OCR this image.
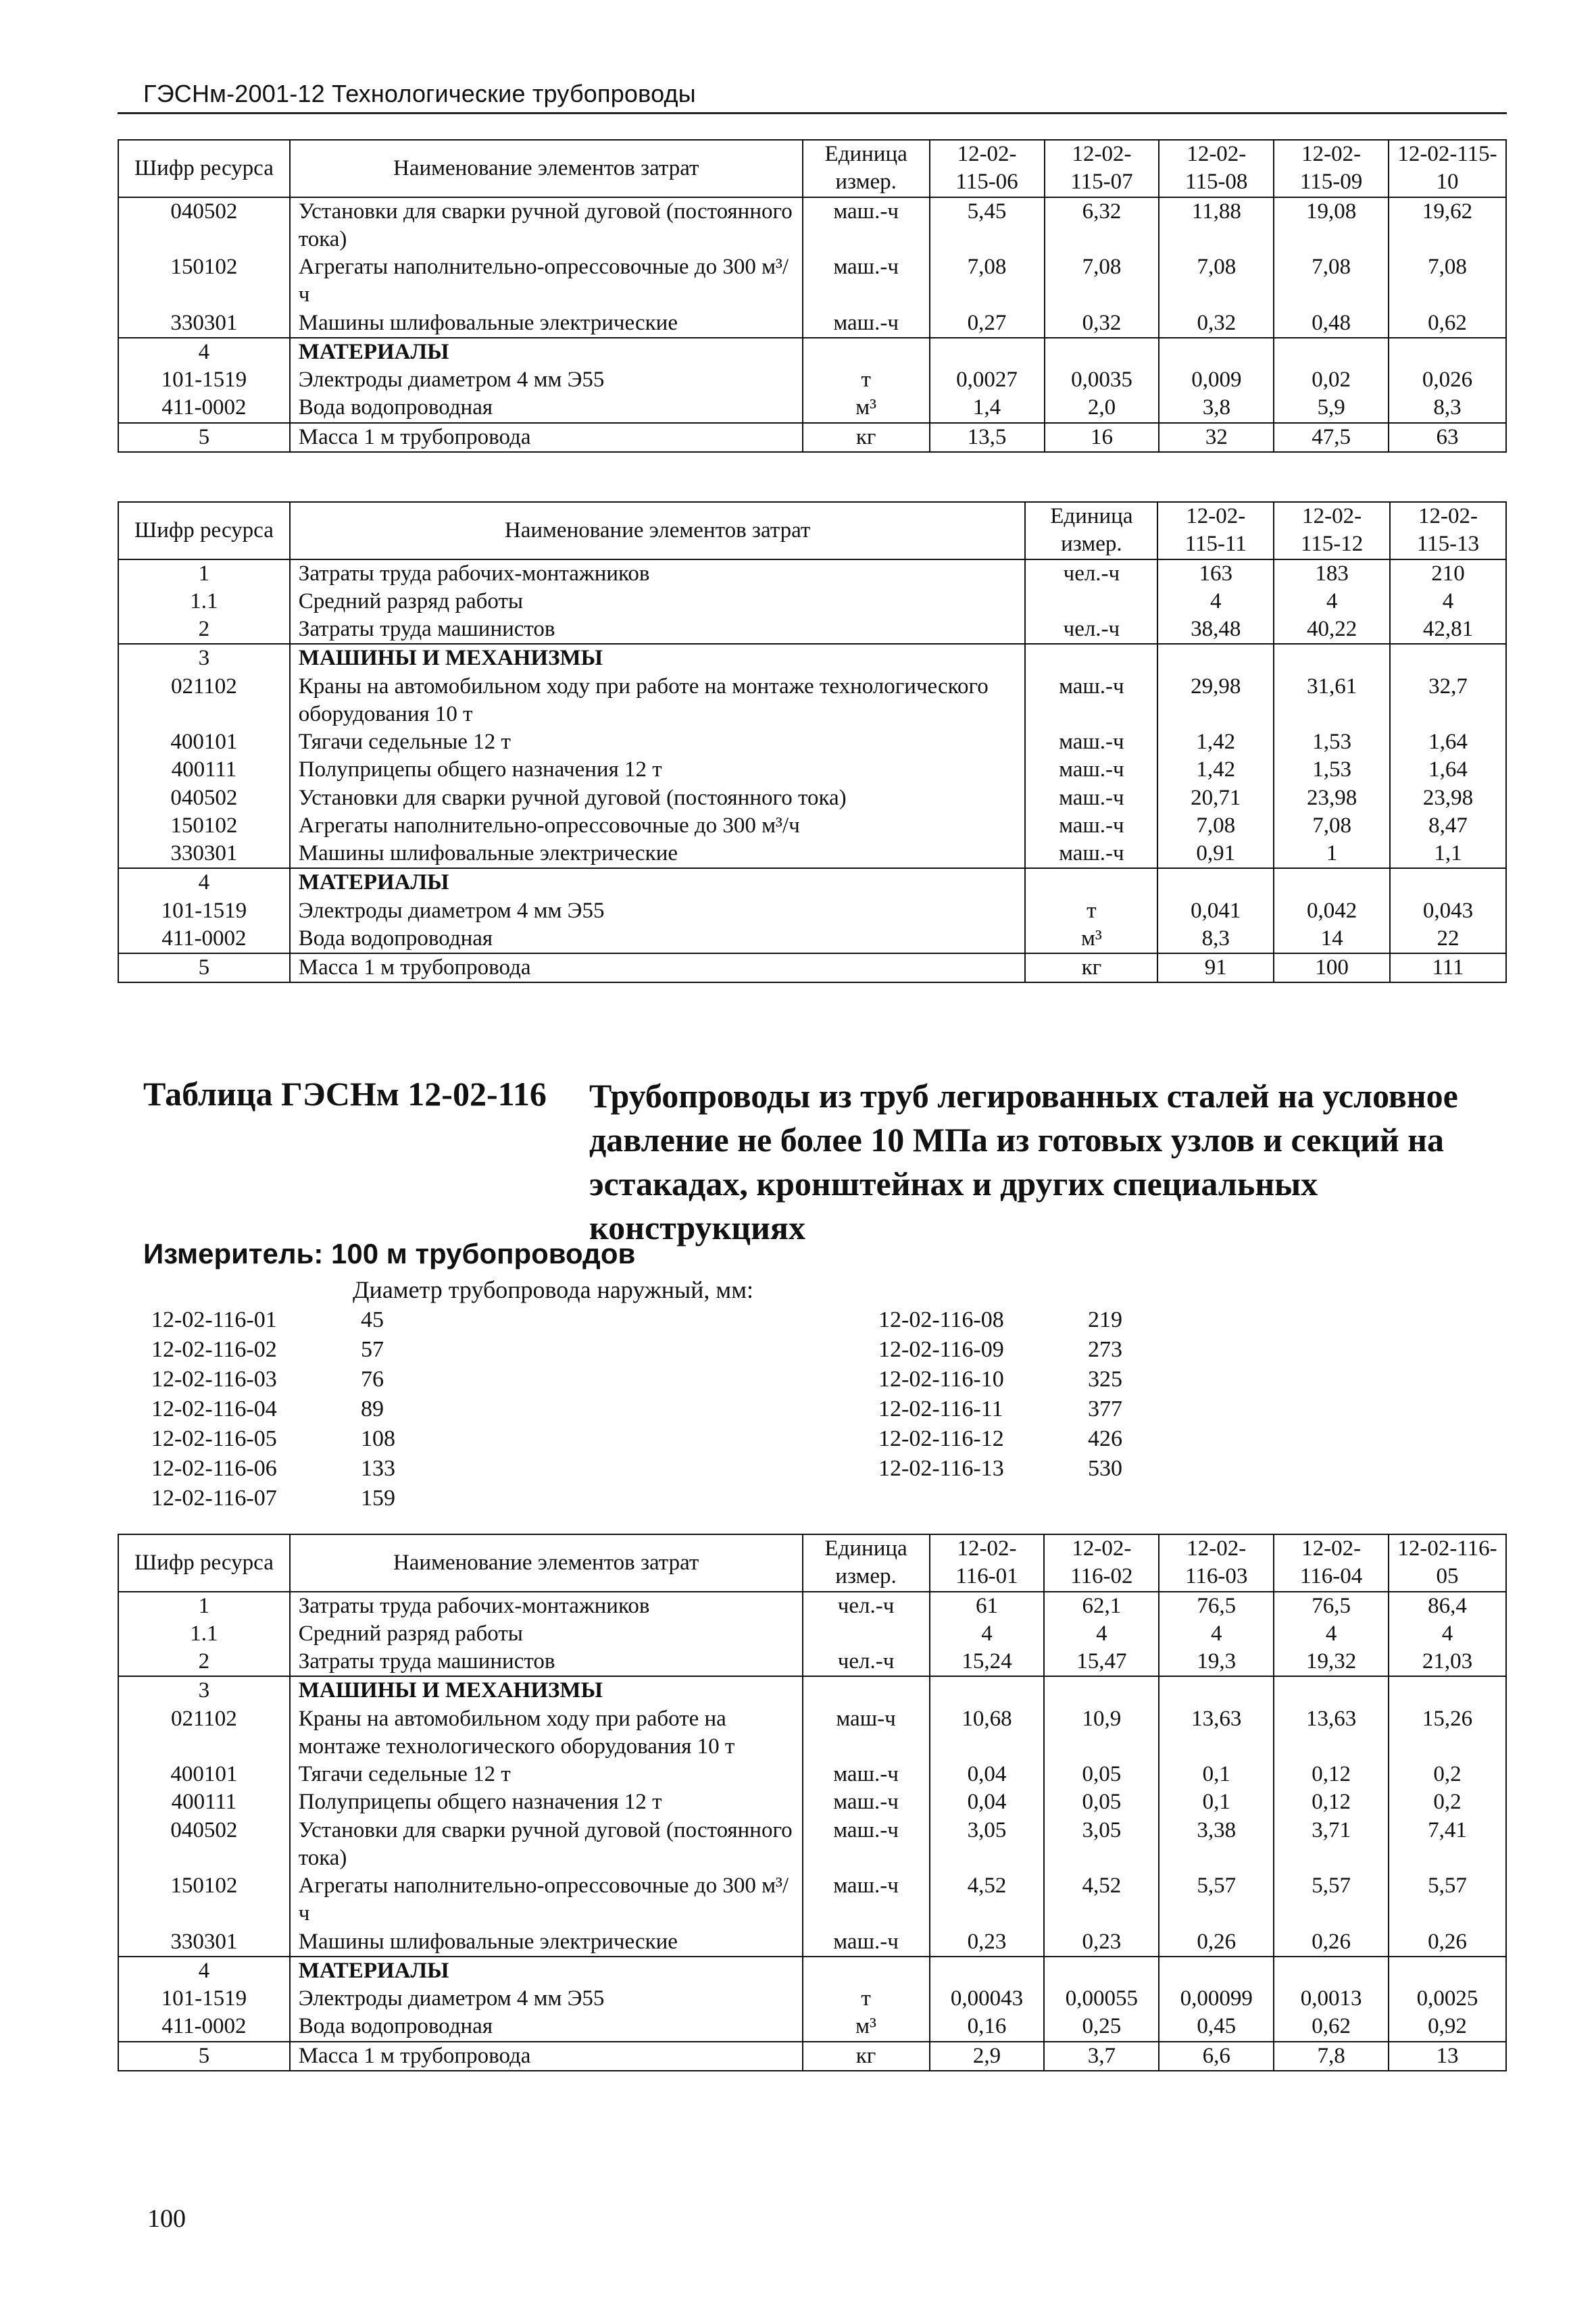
ГЭСНм-2001-12 Технологические трубопроводы
Шифр ресурса	Наименование элементов затрат	Единица измер.	12-02-115-06	12-02-115-07	12-02-115-08	12-02-115-09	12-02-115-10
040502	Установки для сварки ручной дуговой (постоянного тока)	маш.-ч	5,45	6,32	11,88	19,08	19,62
150102	Агрегаты наполнительно-опрессовочные до 300 м³/ч	маш.-ч	7,08	7,08	7,08	7,08	7,08
330301	Машины шлифовальные электрические	маш.-ч	0,27	0,32	0,32	0,48	0,62
4	МАТЕРИАЛЫ						
101-1519	Электроды диаметром 4 мм Э55	т	0,0027	0,0035	0,009	0,02	0,026
411-0002	Вода водопроводная	м³	1,4	2,0	3,8	5,9	8,3
5	Масса 1 м трубопровода	кг	13,5	16	32	47,5	63
Шифр ресурса	Наименование элементов затрат	Единица измер.	12-02-115-11	12-02-115-12	12-02-115-13
1	Затраты труда рабочих-монтажников	чел.-ч	163	183	210
1.1	Средний разряд работы		4	4	4
2	Затраты труда машинистов	чел.-ч	38,48	40,22	42,81
3	МАШИНЫ И МЕХАНИЗМЫ				
021102	Краны на автомобильном ходу при работе на монтаже технологического оборудования 10 т	маш.-ч	29,98	31,61	32,7
400101	Тягачи седельные 12 т	маш.-ч	1,42	1,53	1,64
400111	Полуприцепы общего назначения 12 т	маш.-ч	1,42	1,53	1,64
040502	Установки для сварки ручной дуговой (постоянного тока)	маш.-ч	20,71	23,98	23,98
150102	Агрегаты наполнительно-опрессовочные до 300 м³/ч	маш.-ч	7,08	7,08	8,47
330301	Машины шлифовальные электрические	маш.-ч	0,91	1	1,1
4	МАТЕРИАЛЫ				
101-1519	Электроды диаметром 4 мм Э55	т	0,041	0,042	0,043
411-0002	Вода водопроводная	м³	8,3	14	22
5	Масса 1 м трубопровода	кг	91	100	111
Таблица ГЭСНм 12-02-116 Трубопроводы из труб легированных сталей на условное давление не более 10 МПа из готовых узлов и секций на эстакадах, кронштейнах и других специальных конструкциях
Измеритель: 100 м трубопроводов
Диаметр трубопровода наружный, мм:
12-02-116-01	45
12-02-116-02	57
12-02-116-03	76
12-02-116-04	89
12-02-116-05	108
12-02-116-06	133
12-02-116-07	159
12-02-116-08	219
12-02-116-09	273
12-02-116-10	325
12-02-116-11	377
12-02-116-12	426
12-02-116-13	530
Шифр ресурса	Наименование элементов затрат	Единица измер.	12-02-116-01	12-02-116-02	12-02-116-03	12-02-116-04	12-02-116-05
1	Затраты труда рабочих-монтажников	чел.-ч	61	62,1	76,5	76,5	86,4
1.1	Средний разряд работы		4	4	4	4	4
2	Затраты труда машинистов	чел.-ч	15,24	15,47	19,3	19,32	21,03
3	МАШИНЫ И МЕХАНИЗМЫ						
021102	Краны на автомобильном ходу при работе на монтаже технологического оборудования 10 т	маш-ч	10,68	10,9	13,63	13,63	15,26
400101	Тягачи седельные 12 т	маш.-ч	0,04	0,05	0,1	0,12	0,2
400111	Полуприцепы общего назначения 12 т	маш.-ч	0,04	0,05	0,1	0,12	0,2
040502	Установки для сварки ручной дуговой (постоянного тока)	маш.-ч	3,05	3,05	3,38	3,71	7,41
150102	Агрегаты наполнительно-опрессовочные до 300 м³/ч	маш.-ч	4,52	4,52	5,57	5,57	5,57
330301	Машины шлифовальные электрические	маш.-ч	0,23	0,23	0,26	0,26	0,26
4	МАТЕРИАЛЫ						
101-1519	Электроды диаметром 4 мм Э55	т	0,00043	0,00055	0,00099	0,0013	0,0025
411-0002	Вода водопроводная	м³	0,16	0,25	0,45	0,62	0,92
5	Масса 1 м трубопровода	кг	2,9	3,7	6,6	7,8	13
100
